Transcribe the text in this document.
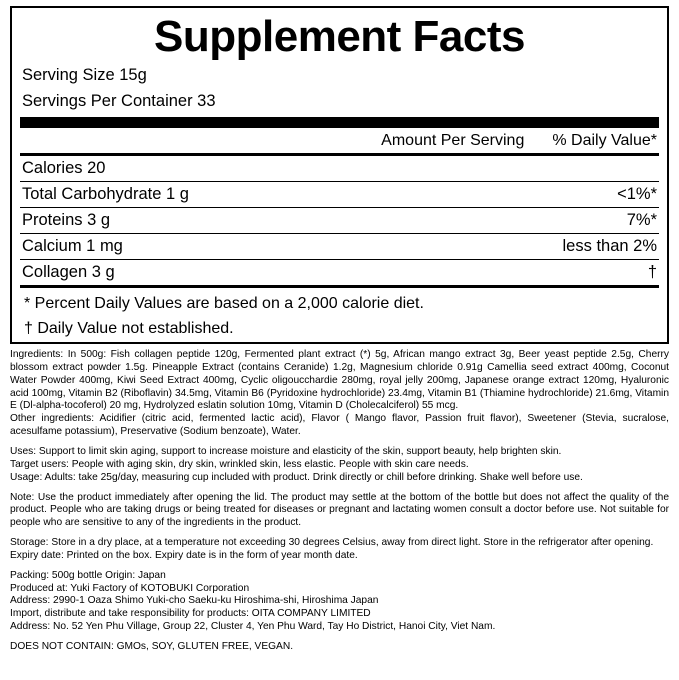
Supplement Facts
Serving Size 15g
Servings Per Container 33
Amount Per Serving	% Daily Value*
Calories 20
Total Carbohydrate 1 g	<1%*
Proteins 3 g	7%*
Calcium 1 mg	less than 2%
Collagen 3 g	†
* Percent Daily Values are based on a 2,000 calorie diet.
† Daily Value not established.

Ingredients: In 500g: Fish collagen peptide 120g, Fermented plant extract (*) 5g, African mango extract 3g, Beer yeast peptide 2.5g, Cherry blossom extract powder 1.5g. Pineapple Extract (contains Ceranide) 1.2g, Magnesium chloride 0.91g Camellia seed extract 400mg, Coconut Water Powder 400mg, Kiwi Seed Extract 400mg, Cyclic oligoucchardie 280mg, royal jelly 200mg, Japanese orange extract 120mg, Hyaluronic acid 100mg, Vitamin B2 (Riboflavin) 34.5mg, Vitamin B6 (Pyridoxine hydrochloride) 23.4mg, Vitamin B1 (Thiamine hydrochloride) 21.6mg, Vitamin E (Dl-alpha-tocoferol) 20 mg, Hydrolyzed eslatin solution 10mg, Vitamin D (Cholecalciferol) 55 mcg.

Other ingredients: Acidifier (citric acid, fermented lactic acid), Flavor ( Mango flavor, Passion fruit flavor), Sweetener (Stevia, sucralose, acesulfame potassium), Preservative (Sodium benzoate), Water.

Uses: Support to limit skin aging, support to increase moisture and elasticity of the skin, support beauty, help brighten skin.

Target users: People with aging skin, dry skin, wrinkled skin, less elastic. People with skin care needs.

Usage: Adults: take 25g/day, measuring cup included with product. Drink directly or chill before drinking. Shake well before use.

Note: Use the product immediately after opening the lid. The product may settle at the bottom of the bottle but does not affect the quality of the product. People who are taking drugs or being treated for diseases or pregnant and lactating women consult a doctor before use. Not suitable for people who are sensitive to any of the ingredients in the product.

Storage: Store in a dry place, at a temperature not exceeding 30 degrees Celsius, away from direct light. Store in the refrigerator after opening.

Expiry date: Printed on the box. Expiry date is in the form of year month date.

Packing: 500g bottle Origin: Japan

Produced at: Yuki Factory of KOTOBUKI Corporation

Address: 2990-1 Oaza Shimo Yuki-cho Saeku-ku Hiroshima-shi, Hiroshima Japan

Import, distribute and take responsibility for products: OITA COMPANY LIMITED

Address: No. 52 Yen Phu Village, Group 22, Cluster 4, Yen Phu Ward, Tay Ho District, Hanoi City, Viet Nam.

DOES NOT CONTAIN: GMOs, SOY, GLUTEN FREE, VEGAN.
